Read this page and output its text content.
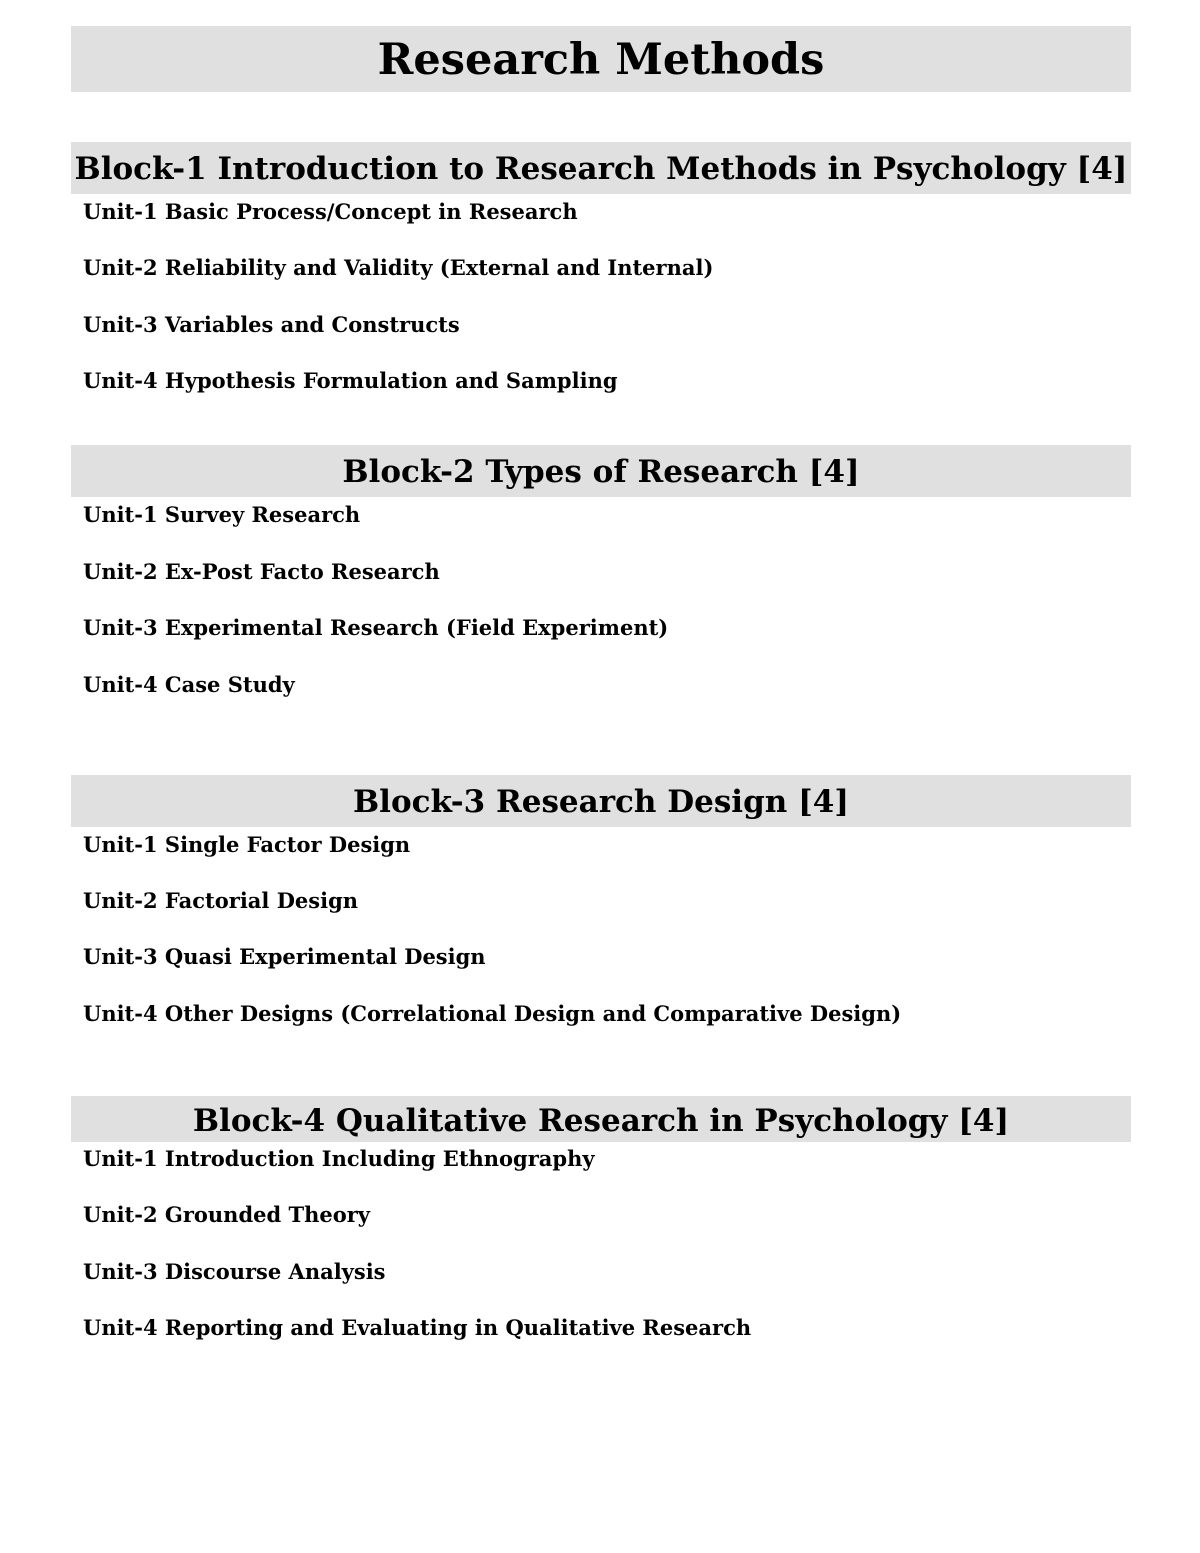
Research Methods
Block-1 Introduction to Research Methods in Psychology [4]
Unit-1 Basic Process/Concept in Research
Unit-2 Reliability and Validity (External and Internal)
Unit-3 Variables and Constructs
Unit-4 Hypothesis Formulation and Sampling
Block-2 Types of Research [4]
Unit-1 Survey Research
Unit-2 Ex-Post Facto Research
Unit-3 Experimental Research (Field Experiment)
Unit-4 Case Study
Block-3 Research Design [4]
Unit-1 Single Factor Design
Unit-2 Factorial Design
Unit-3 Quasi Experimental Design
Unit-4 Other Designs (Correlational Design and Comparative Design)
Block-4 Qualitative Research in Psychology [4]
Unit-1 Introduction Including Ethnography
Unit-2 Grounded Theory
Unit-3 Discourse Analysis
Unit-4 Reporting and Evaluating in Qualitative Research
